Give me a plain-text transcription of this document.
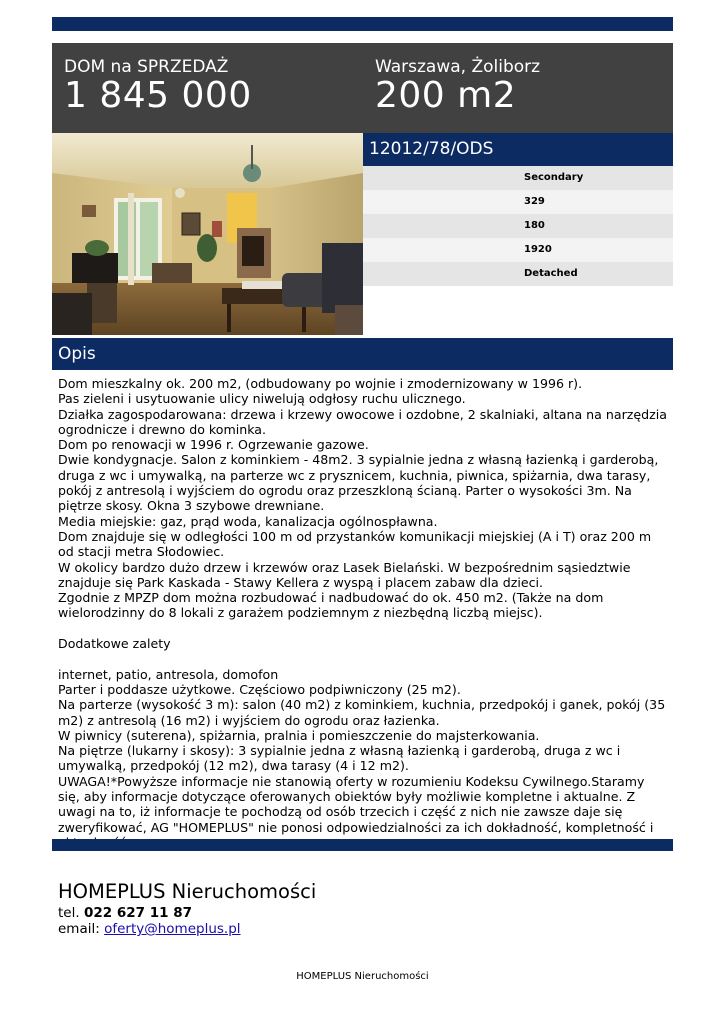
DOM na SPRZEDAŻ
1 845 000
Warszawa, Żoliborz
200 m2
12012/78/ODS
Secondary
329
180
1920
Detached
Opis

Dom mieszkalny ok. 200 m2, (odbudowany po wojnie i zmodernizowany w 1996 r).

Pas zieleni i usytuowanie ulicy niwelują odgłosy ruchu ulicznego.

Działka zagospodarowana: drzewa i krzewy owocowe i ozdobne, 2 skalniaki, altana na narzędzia ogrodnicze i drewno do kominka.

Dom po renowacji w 1996 r. Ogrzewanie gazowe.

Dwie kondygnacje. Salon z kominkiem - 48m2. 3 sypialnie jedna z własną łazienką i garderobą, druga z wc i umywalką, na parterze wc z prysznicem, kuchnia, piwnica, spiżarnia, dwa tarasy, pokój z antresolą i wyjściem do ogrodu oraz przeszkloną ścianą. Parter o wysokości 3m. Na piętrze skosy. Okna 3 szybowe drewniane.

Media miejskie: gaz, prąd woda, kanalizacja ogólnospławna.

Dom znajduje się w odległości 100 m od przystanków komunikacji miejskiej (A i T) oraz 200 m od stacji metra Słodowiec.

W okolicy bardzo dużo drzew i krzewów oraz Lasek Bielański. W bezpośrednim sąsiedztwie znajduje się Park Kaskada - Stawy Kellera z wyspą i placem zabaw dla dzieci.

Zgodnie z MPZP dom można rozbudować i nadbudować do ok. 450 m2. (Także na dom wielorodzinny do 8 lokali z garażem podziemnym z niezbędną liczbą miejsc).

Dodatkowe zalety

internet, patio, antresola, domofon

Parter i poddasze użytkowe. Częściowo podpiwniczony (25 m2).

Na parterze (wysokość 3 m): salon (40 m2) z kominkiem, kuchnia, przedpokój i ganek, pokój (35 m2) z antresolą (16 m2) i wyjściem do ogrodu oraz łazienka.

W piwnicy (suterena), spiżarnia, pralnia i pomieszczenie do majsterkowania.

Na piętrze (lukarny i skosy): 3 sypialnie jedna z własną łazienką i garderobą, druga z wc i umywalką, przedpokój (12 m2), dwa tarasy (4 i 12 m2).

UWAGA!*Powyższe informacje nie stanowią oferty w rozumieniu Kodeksu Cywilnego.Staramy się, aby informacje dotyczące oferowanych obiektów były możliwie kompletne i aktualne. Z uwagi na to, iż informacje te pochodzą od osób trzecich i część z nich nie zawsze daje się zweryfikować, AG "HOMEPLUS" nie ponosi odpowiedzialności za ich dokładność, kompletność i

HOMEPLUS Nieruchomości
tel. 022 627 11 87
email: oferty@homeplus.pl
HOMEPLUS Nieruchomości
